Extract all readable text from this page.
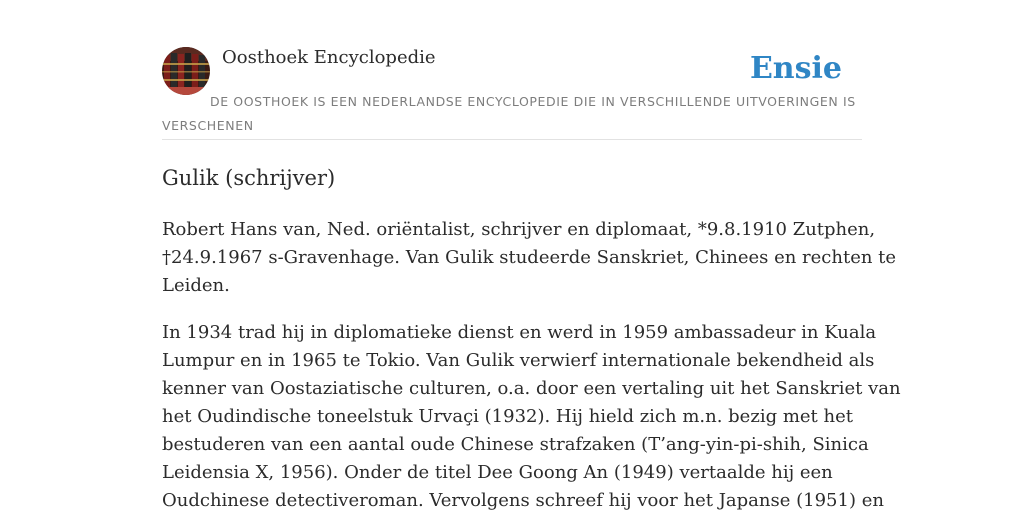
Oosthoek Encyclopedie	Ensie
DE OOSTHOEK IS EEN NEDERLANDSE ENCYCLOPEDIE DIE IN VERSCHILLENDE UITVOERINGEN IS VERSCHENEN
Gulik (schrijver)

Robert Hans van, Ned. oriëntalist, schrijver en diplomaat, *9.8.1910 Zutphen,
†24.9.1967 s-Gravenhage. Van Gulik studeerde Sanskriet, Chinees en rechten te
Leiden.

In 1934 trad hij in diplomatieke dienst en werd in 1959 ambassadeur in Kuala
Lumpur en in 1965 te Tokio. Van Gulik verwierf internationale bekendheid als
kenner van Oostaziatische culturen, o.a. door een vertaling uit het Sanskriet van
het Oudindische toneelstuk Urvaçi (1932). Hij hield zich m.n. bezig met het
bestuderen van een aantal oude Chinese strafzaken (T’ang-yin-pi-shih, Sinica
Leidensia X, 1956). Onder de titel Dee Goong An (1949) vertaalde hij een
Oudchinese detectiveroman. Vervolgens schreef hij voor het Japanse (1951) en
